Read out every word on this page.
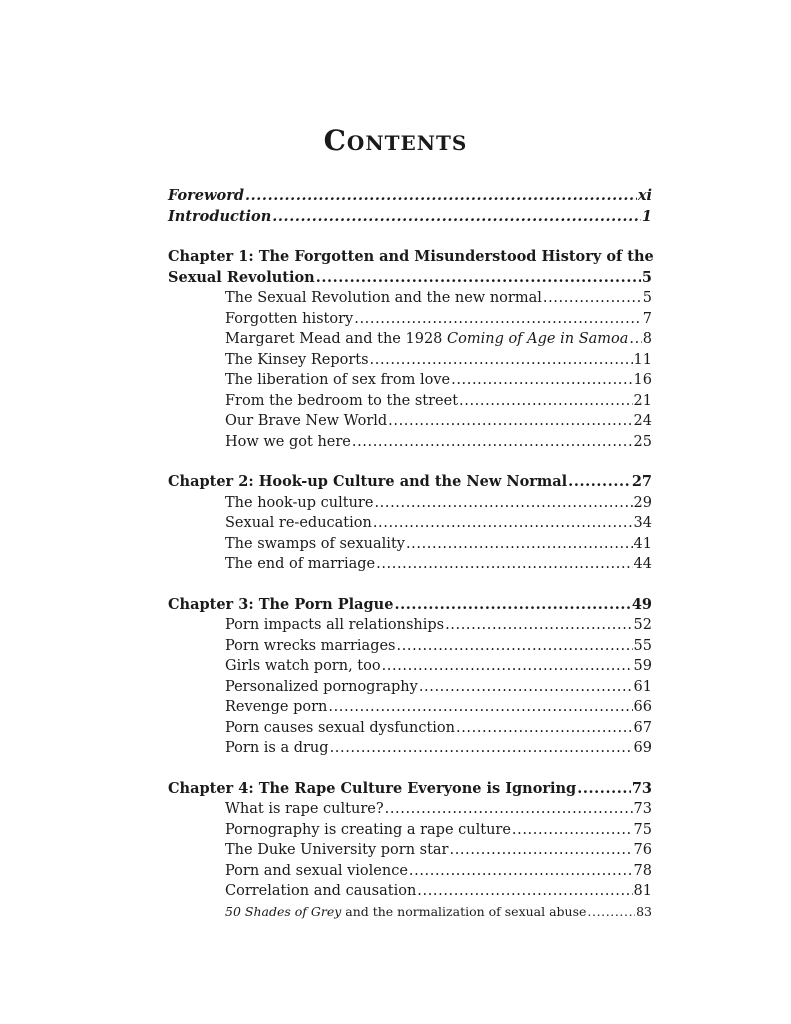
Contents
Foreword .....	xi
Introduction .....	1
Chapter 1: The Forgotten and Misunderstood History of the
Sexual Revolution .....	5
The Sexual Revolution and the new normal .....	5
Forgotten history .....	7
Margaret Mead and the 1928 Coming of Age in Samoa ..... 8
The Kinsey Reports .....	11
The liberation of sex from love .....	16
From the bedroom to the street .....	21
Our Brave New World .....	24
How we got here .....	25
Chapter 2: Hook-up Culture and the New Normal .....	27
The hook-up culture .....	29
Sexual re-education .....	34
The swamps of sexuality .....	41
The end of marriage .....	44
Chapter 3: The Porn Plague .....	49
Porn impacts all relationships .....	52
Porn wrecks marriages .....	55
Girls watch porn, too .....	59
Personalized pornography .....	61
Revenge porn .....	66
Porn causes sexual dysfunction .....	67
Porn is a drug .....	69
Chapter 4: The Rape Culture Everyone is Ignoring .....	73
What is rape culture? .....	73
Pornography is creating a rape culture .....	75
The Duke University porn star .....	76
Porn and sexual violence .....	78
Correlation and causation .....	81
50 Shades of Grey and the normalization of sexual abuse .....	83
